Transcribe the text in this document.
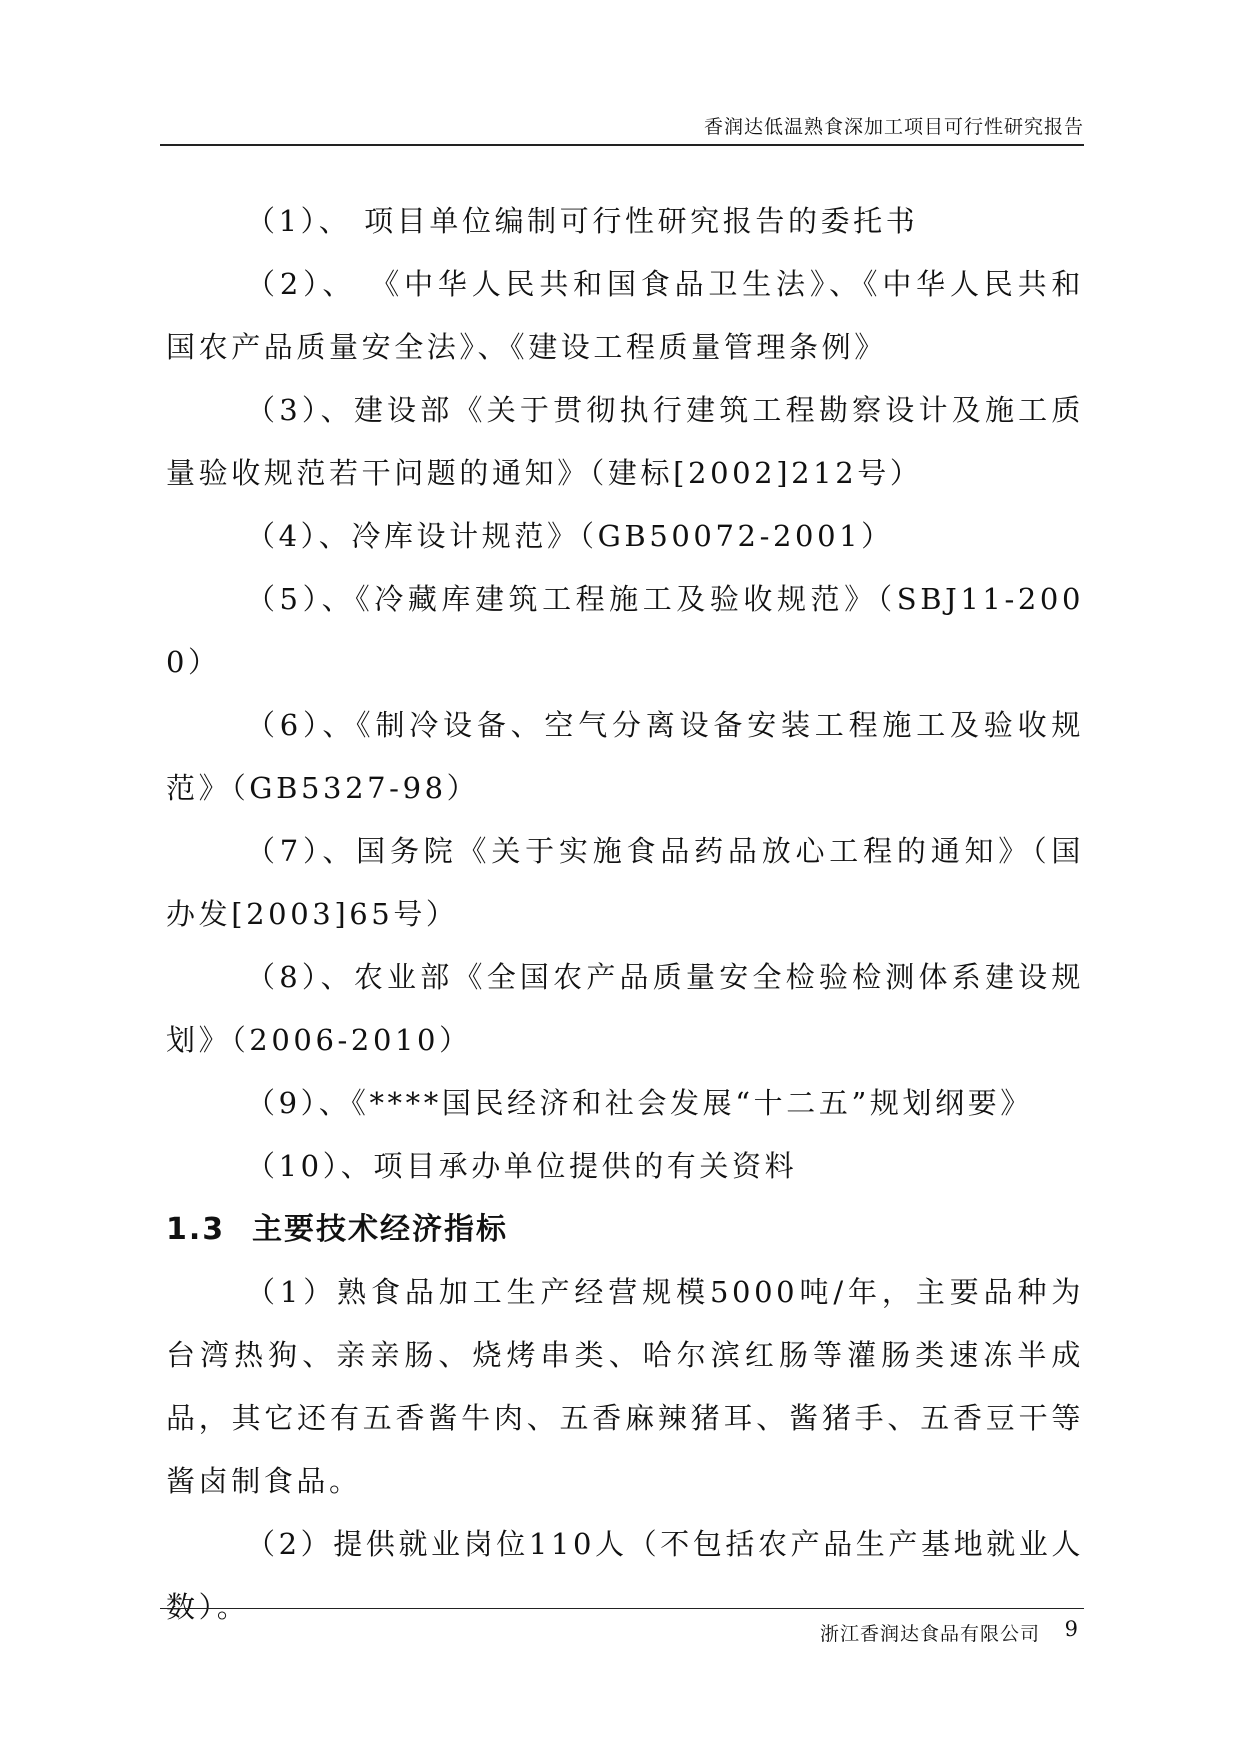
香润达低温熟食深加工项目可行性研究报告

（1）、 项目单位编制可行性研究报告的委托书

（2）、 《中华人民共和国食品卫生法》、《中华人民共和国农产品质量安全法》、《建设工程质量管理条例》

（3）、建设部《关于贯彻执行建筑工程勘察设计及施工质量验收规范若干问题的通知》（建标[2002]212号）

（4）、冷库设计规范》（GB50072-2001）

（5）、《冷藏库建筑工程施工及验收规范》（SBJ11-2000）

（6）、《制冷设备、空气分离设备安装工程施工及验收规范》（GB5327-98）

（7）、国务院《关于实施食品药品放心工程的通知》（国办发[2003]65号）

（8）、农业部《全国农产品质量安全检验检测体系建设规划》（2006-2010）

（9）、《****国民经济和社会发展“十二五”规划纲要》

（10）、项目承办单位提供的有关资料

1.3 主要技术经济指标

（1）熟食品加工生产经营规模5000吨/年，主要品种为台湾热狗、亲亲肠、烧烤串类、哈尔滨红肠等灌肠类速冻半成品，其它还有五香酱牛肉、五香麻辣猪耳、酱猪手、五香豆干等酱卤制食品。

（2）提供就业岗位110人（不包括农产品生产基地就业人数）。

浙江香润达食品有限公司 9
